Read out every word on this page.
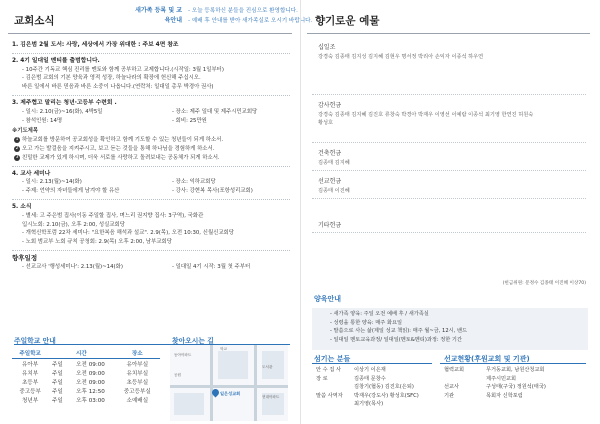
교회소식
새가족 등록 및 교육안내
- 오늘 등록하신 분들을 진심으로 환영합니다.
- 예배 후 안내를 받아 새가족실로 오시기 바랍니다.
1. 김은범 2월 도서: 사랑, 세상에서 가장 위대한 : 주보 4면 참조
2. 4기 일대일 멘티를 출범합니다.
- 10주간 기독교 핵심 진리를 멘토와 함께 공부하고 교제합니다.(시작일: 3월 1일부터)
- 김은범 교회의 기본 양육과 영적 성장, 하늘나라의 확장에 헌신해 주십시오.
바른 일에서 바른 믿음과 바른 소중이 나옵니다.(연락처: 일대일 총무 박경아 권사)
3. 제주협고 말리는 청년·고등부 수련회 .
- 일시: 2.10(금)~16(화), 4박5일	- 장소: 제주 일대 및 제주시민교회당
- 참석인원: 14명	- 회비: 25만원
※기도제목
1 하늘교회를 방문하여 공교회성을 확인하고 함께 기도할 수 있는 청년들이 되게 하소서.
2 오고 가는 발걸음을 지켜주시고, 보고 듣는 것들을 통해 하나님을 경험하게 하소서.
3 친밀한 교제가 있게 하시며, 더욱 서로를 사랑하고 돌려보내는 공동체가 되게 하소서.
4. 교사 세미나
- 일시: 2.13(월)~14(화)	- 장소: 익하교회당
- 주제: 언약의 자녀들에게 남겨야 할 유산	- 강사: 강현복 목사(포항성리교회)
5. 소식
- 별세: 고 주은범 집사(이동 주일할 집사, 며느리 권지향 집사: 3구역), 국화관
입시노회: 2.10(금), 오후 2:00, 성실교회당
- 개혁신학포럼 22차 세미나: "요한복음 해석과 설교". 2.9(목), 오전 10:30, 신월신교회당
- 노회 범교부 노회 규칙 공청회: 2.9(목) 오후 2:00, 남부교회당
향후일정
- 선교교사 '행성세미나': 2.13(월)~14(화)	- 일대일 4기 시작: 3월 첫 주부터
주일학교 안내	찾아오시는 길
주일학교	시간		장소
유아부	주일	오전 09:00	유아부실
유치부	주일	오전 09:00	유치부실
초등부	주일	오전 09:00	초등부실
중고등부	주일	오후 12:50	중고등부실
청년부	주일	오후 03:00	소예배실
학교
동아아파트
현대아파트
공원
도서관
일은성교회
향기로운 예물
십일조
강경숙 김종태 김지성 김지혜 김현우 명서정 박리아 손익자 이종석 하우연
감사헌금
강경숙 김종태 김지혜 김진호 류창숙 박경아 박재우 이영선 이예람 이종석 최기영 한연진 허원숙
황성호
건축헌금
김종태 김지혜
선교헌금
김종태 이진혜
기타헌금
(헌금위원: 문정수 김종태 이진혜 이상70)
양육안내
- 새가족 양육: 주일 오전 예배 후 / 새가족실
- 성령을 통한 양육: 매주 화요일
- 말씀으로 사는 삶(제일 성교 책읽): 매주 월~금, 12시, 밴드
- 일대일 멘토교육과정/ 일대일(멘토&멘티)과정: 정한 기간
섬기는 분들
안 수 집 사	이상기 이은재
장 로	김종태 문창수
김창기(협동) 김진호(은퇴)
말씀 사역자 박재우(강도사) 황성호(SFC)
최기영(목사)
선교현황(후원교회 및 기관)
협력교회	무거동교회, 남원산청교회
제주시민교회
선교사	구성태(구국) 정원석(태국)
기관	목회자 신학포럼
